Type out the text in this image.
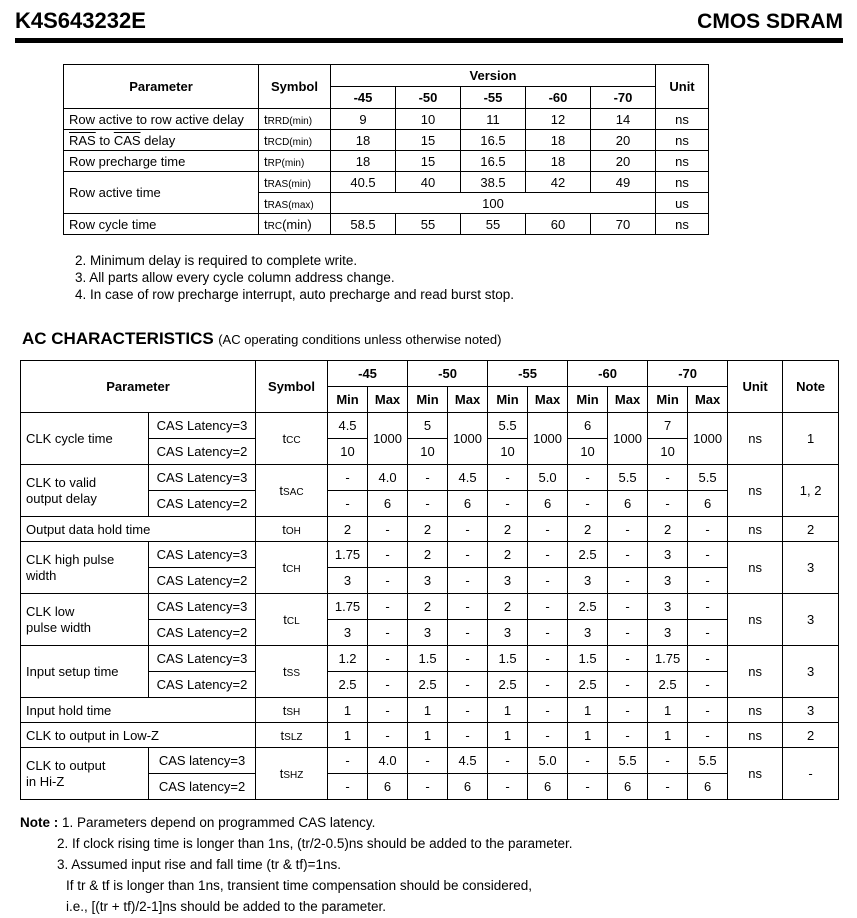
K4S643232E	CMOS SDRAM
Parameter	Symbol	Version					Unit
		-45	-50	-55	-60	-70	
Row active to row active delay	tRRD(min)	9	10	11	12	14	ns
$\overline{RAS}$ to $\overline{CAS}$ delay	tRCD(min)	18	15	16.5	18	20	ns
Row precharge time	tRP(min)	18	15	16.5	18	20	ns
Row active time	tRAS(min)	40.5	40	38.5	42	49	ns
	tRAS(max)	100					us
Row cycle time	tRC(min)	58.5	55	55	60	70	ns
2. Minimum delay is required to complete write.
3. All parts allow every cycle column address change.
4. In case of row precharge interrupt, auto precharge and read burst stop.
AC CHARACTERISTICS (AC operating conditions unless otherwise noted)
Parameter		Symbol	-45		-50		-55		-60		-70		Unit	Note
			Min	Max	Min	Max	Min	Max	Min	Max	Min	Max		
CLK cycle time	CAS Latency=3	tCC	4.5	1000	5	1000	5.5	1000	6	1000	7	1000	ns	1
	CAS Latency=2		10		10		10		10		10			
CLK to valid
output delay	CAS Latency=3	tSAC	-	4.0	-	4.5	-	5.0	-	5.5	-	5.5	ns	1, 2
	CAS Latency=2		-	6	-	6	-	6	-	6	-	6		
Output data hold time		tOH	2	-	2	-	2	-	2	-	2	-	ns	2
CLK high pulse
width	CAS Latency=3	tCH	1.75	-	2	-	2	-	2.5	-	3	-	ns	3
	CAS Latency=2		3	-	3	-	3	-	3	-	3	-		
CLK low
pulse width	CAS Latency=3	tCL	1.75	-	2	-	2	-	2.5	-	3	-	ns	3
	CAS Latency=2		3	-	3	-	3	-	3	-	3	-		
Input setup time	CAS Latency=3	tSS	1.2	-	1.5	-	1.5	-	1.5	-	1.75	-	ns	3
	CAS Latency=2		2.5	-	2.5	-	2.5	-	2.5	-	2.5	-		
Input hold time		tSH	1	-	1	-	1	-	1	-	1	-	ns	3
CLK to output in Low-Z		tSLZ	1	-	1	-	1	-	1	-	1	-	ns	2
CLK to output
in Hi-Z	CAS latency=3	tSHZ	-	4.0	-	4.5	-	5.0	-	5.5	-	5.5	ns	-
	CAS latency=2		-	6	-	6	-	6	-	6	-	6		
Note : 1. Parameters depend on programmed CAS latency.
2. If clock rising time is longer than 1ns, (tr/2-0.5)ns should be added to the parameter.
3. Assumed input rise and fall time (tr & tf)=1ns.
If tr & tf is longer than 1ns, transient time compensation should be considered,
i.e., [(tr + tf)/2-1]ns should be added to the parameter.
